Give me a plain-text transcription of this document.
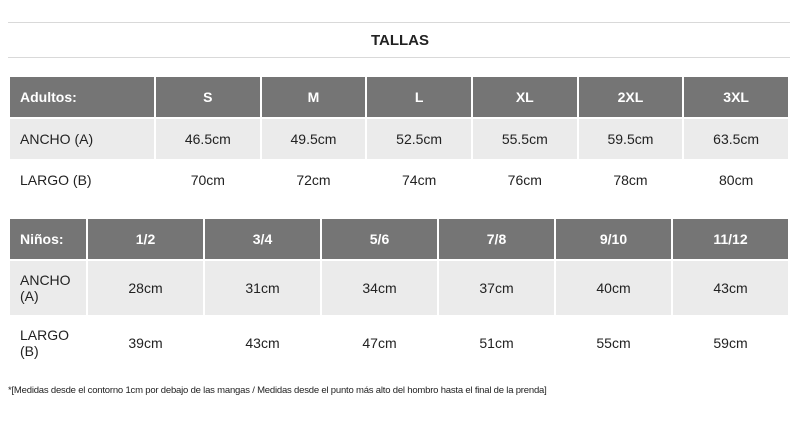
TALLAS
Adultos:	S	M	L	XL	2XL	3XL
ANCHO (A)	46.5cm	49.5cm	52.5cm	55.5cm	59.5cm	63.5cm
LARGO (B)	70cm	72cm	74cm	76cm	78cm	80cm
Niños:	1/2	3/4	5/6	7/8	9/10	11/12
ANCHO (A)	28cm	31cm	34cm	37cm	40cm	43cm
LARGO (B)	39cm	43cm	47cm	51cm	55cm	59cm
*[Medidas desde el contorno 1cm por debajo de las mangas / Medidas desde el punto más alto del hombro hasta el final de la prenda]
